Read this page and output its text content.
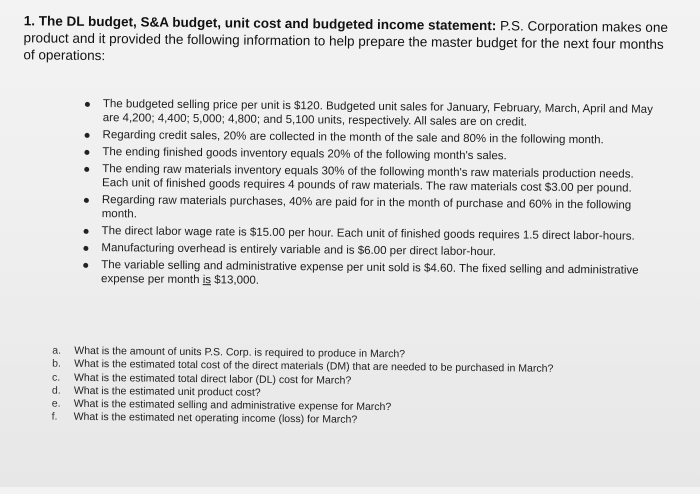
1. The DL budget, S&A budget, unit cost and budgeted income statement: P.S. Corporation makes one product and it provided the following information to help prepare the master budget for the next four months of operations:
The budgeted selling price per unit is $120. Budgeted unit sales for January, February, March, April and May are 4,200; 4,400; 5,000; 4,800; and 5,100 units, respectively. All sales are on credit.
Regarding credit sales, 20% are collected in the month of the sale and 80% in the following month.
The ending finished goods inventory equals 20% of the following month's sales.
The ending raw materials inventory equals 30% of the following month's raw materials production needs. Each unit of finished goods requires 4 pounds of raw materials. The raw materials cost $3.00 per pound.
Regarding raw materials purchases, 40% are paid for in the month of purchase and 60% in the following month.
The direct labor wage rate is $15.00 per hour. Each unit of finished goods requires 1.5 direct labor-hours.
Manufacturing overhead is entirely variable and is $6.00 per direct labor-hour.
The variable selling and administrative expense per unit sold is $4.60. The fixed selling and administrative expense per month is $13,000.
a. What is the amount of units P.S. Corp. is required to produce in March?
b. What is the estimated total cost of the direct materials (DM) that are needed to be purchased in March?
c. What is the estimated total direct labor (DL) cost for March?
d. What is the estimated unit product cost?
e. What is the estimated selling and administrative expense for March?
f. What is the estimated net operating income (loss) for March?
